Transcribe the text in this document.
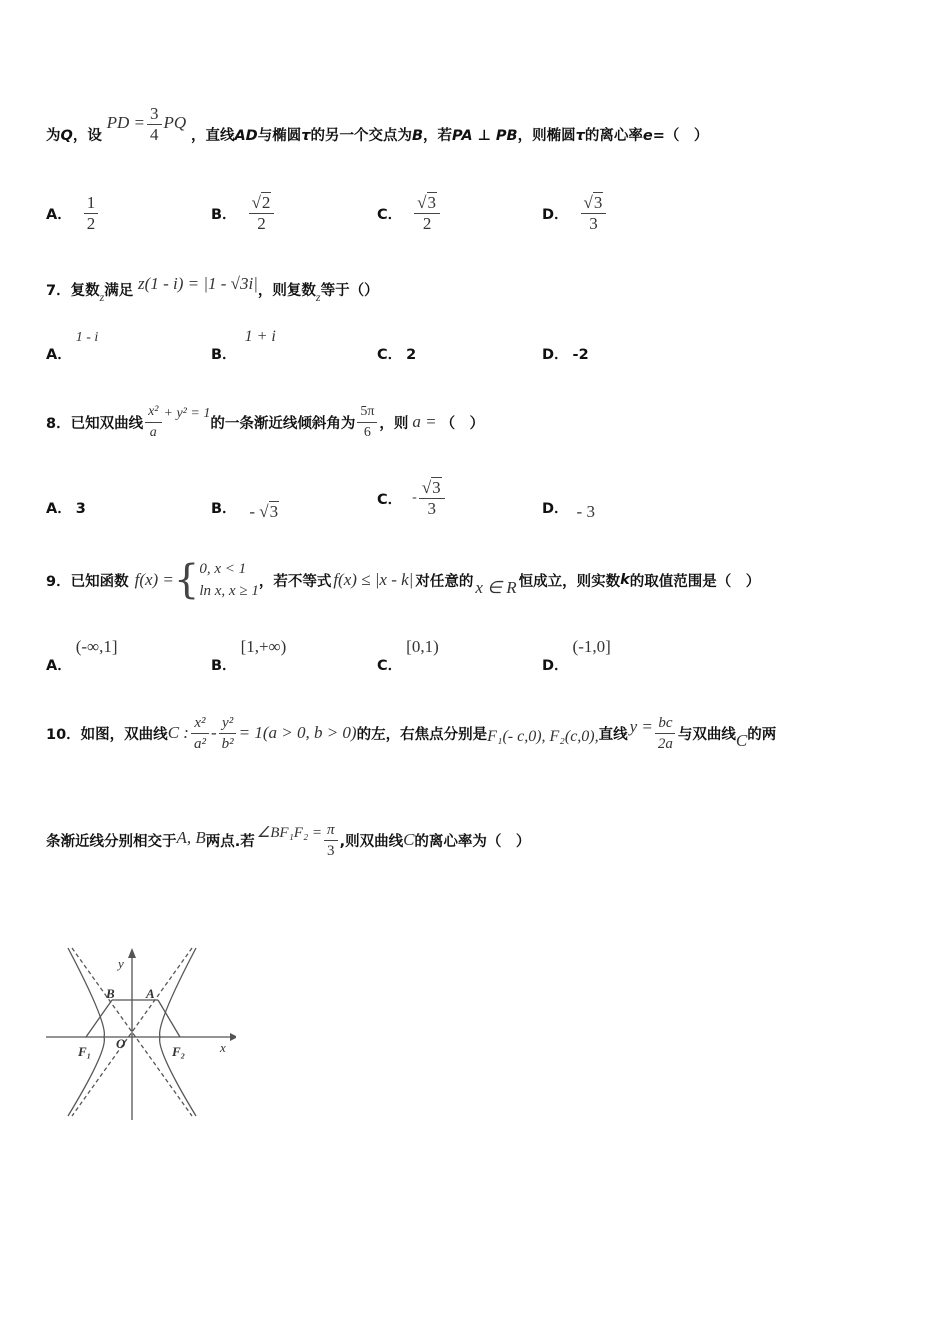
为Q，设 PD = $\frac{3}{4}$ PQ ，直线AD与椭圆τ的另一个交点为B，若PA ⊥ PB，则椭圆τ的离心率e=（　）
A． $\frac{1}{2}$	B． $\frac{√2}{2}$	C． $\frac{√3}{2}$	D． $\frac{√3}{3}$
7．复数$_z$满足 z(1 - i) = |1 - √3i|，则复数$_z$等于（）
A．1 - i
B．1 + i
C． 2	D． -2
8．已知双曲线 $\frac{\text{x²}}{a} + y^2 = 1$
的一条渐近线倾斜角为 $\frac{5\pi}{6}$ ，则 a = （　）
A． 3	B． - √3
C． - $\frac{√3}{3}$	D． - 3
9．已知函数 f(x) = { 0, x < 1
ln x, x ≥ 1
，若不等式 f(x) ≤ |x - k| 对任意的 x ∈ R 恒成立，则实数 k 的取值范围是（　）
A．(-∞,1]
B．[1,+∞)
C．[0,1)
D．(-1,0]
10．如图，双曲线 C : $\frac{\text{x²}}{\text{a²}} - \frac{\text{y²}}{\text{b²}} = 1(a > 0$, b > 0) 的左，右焦点分别是 F₁(- c,0), F₂(c,0), 直线 $y = \frac{bc}{2a}$ 与双曲线 C 的两
条渐近线分别相交于 A, B 两点.若
∠BF₁F₂ = $\frac{\pi}{3}$ ,则双曲线 C 的离心率为（　）
y
x
O
A
B
F₁	F₂
